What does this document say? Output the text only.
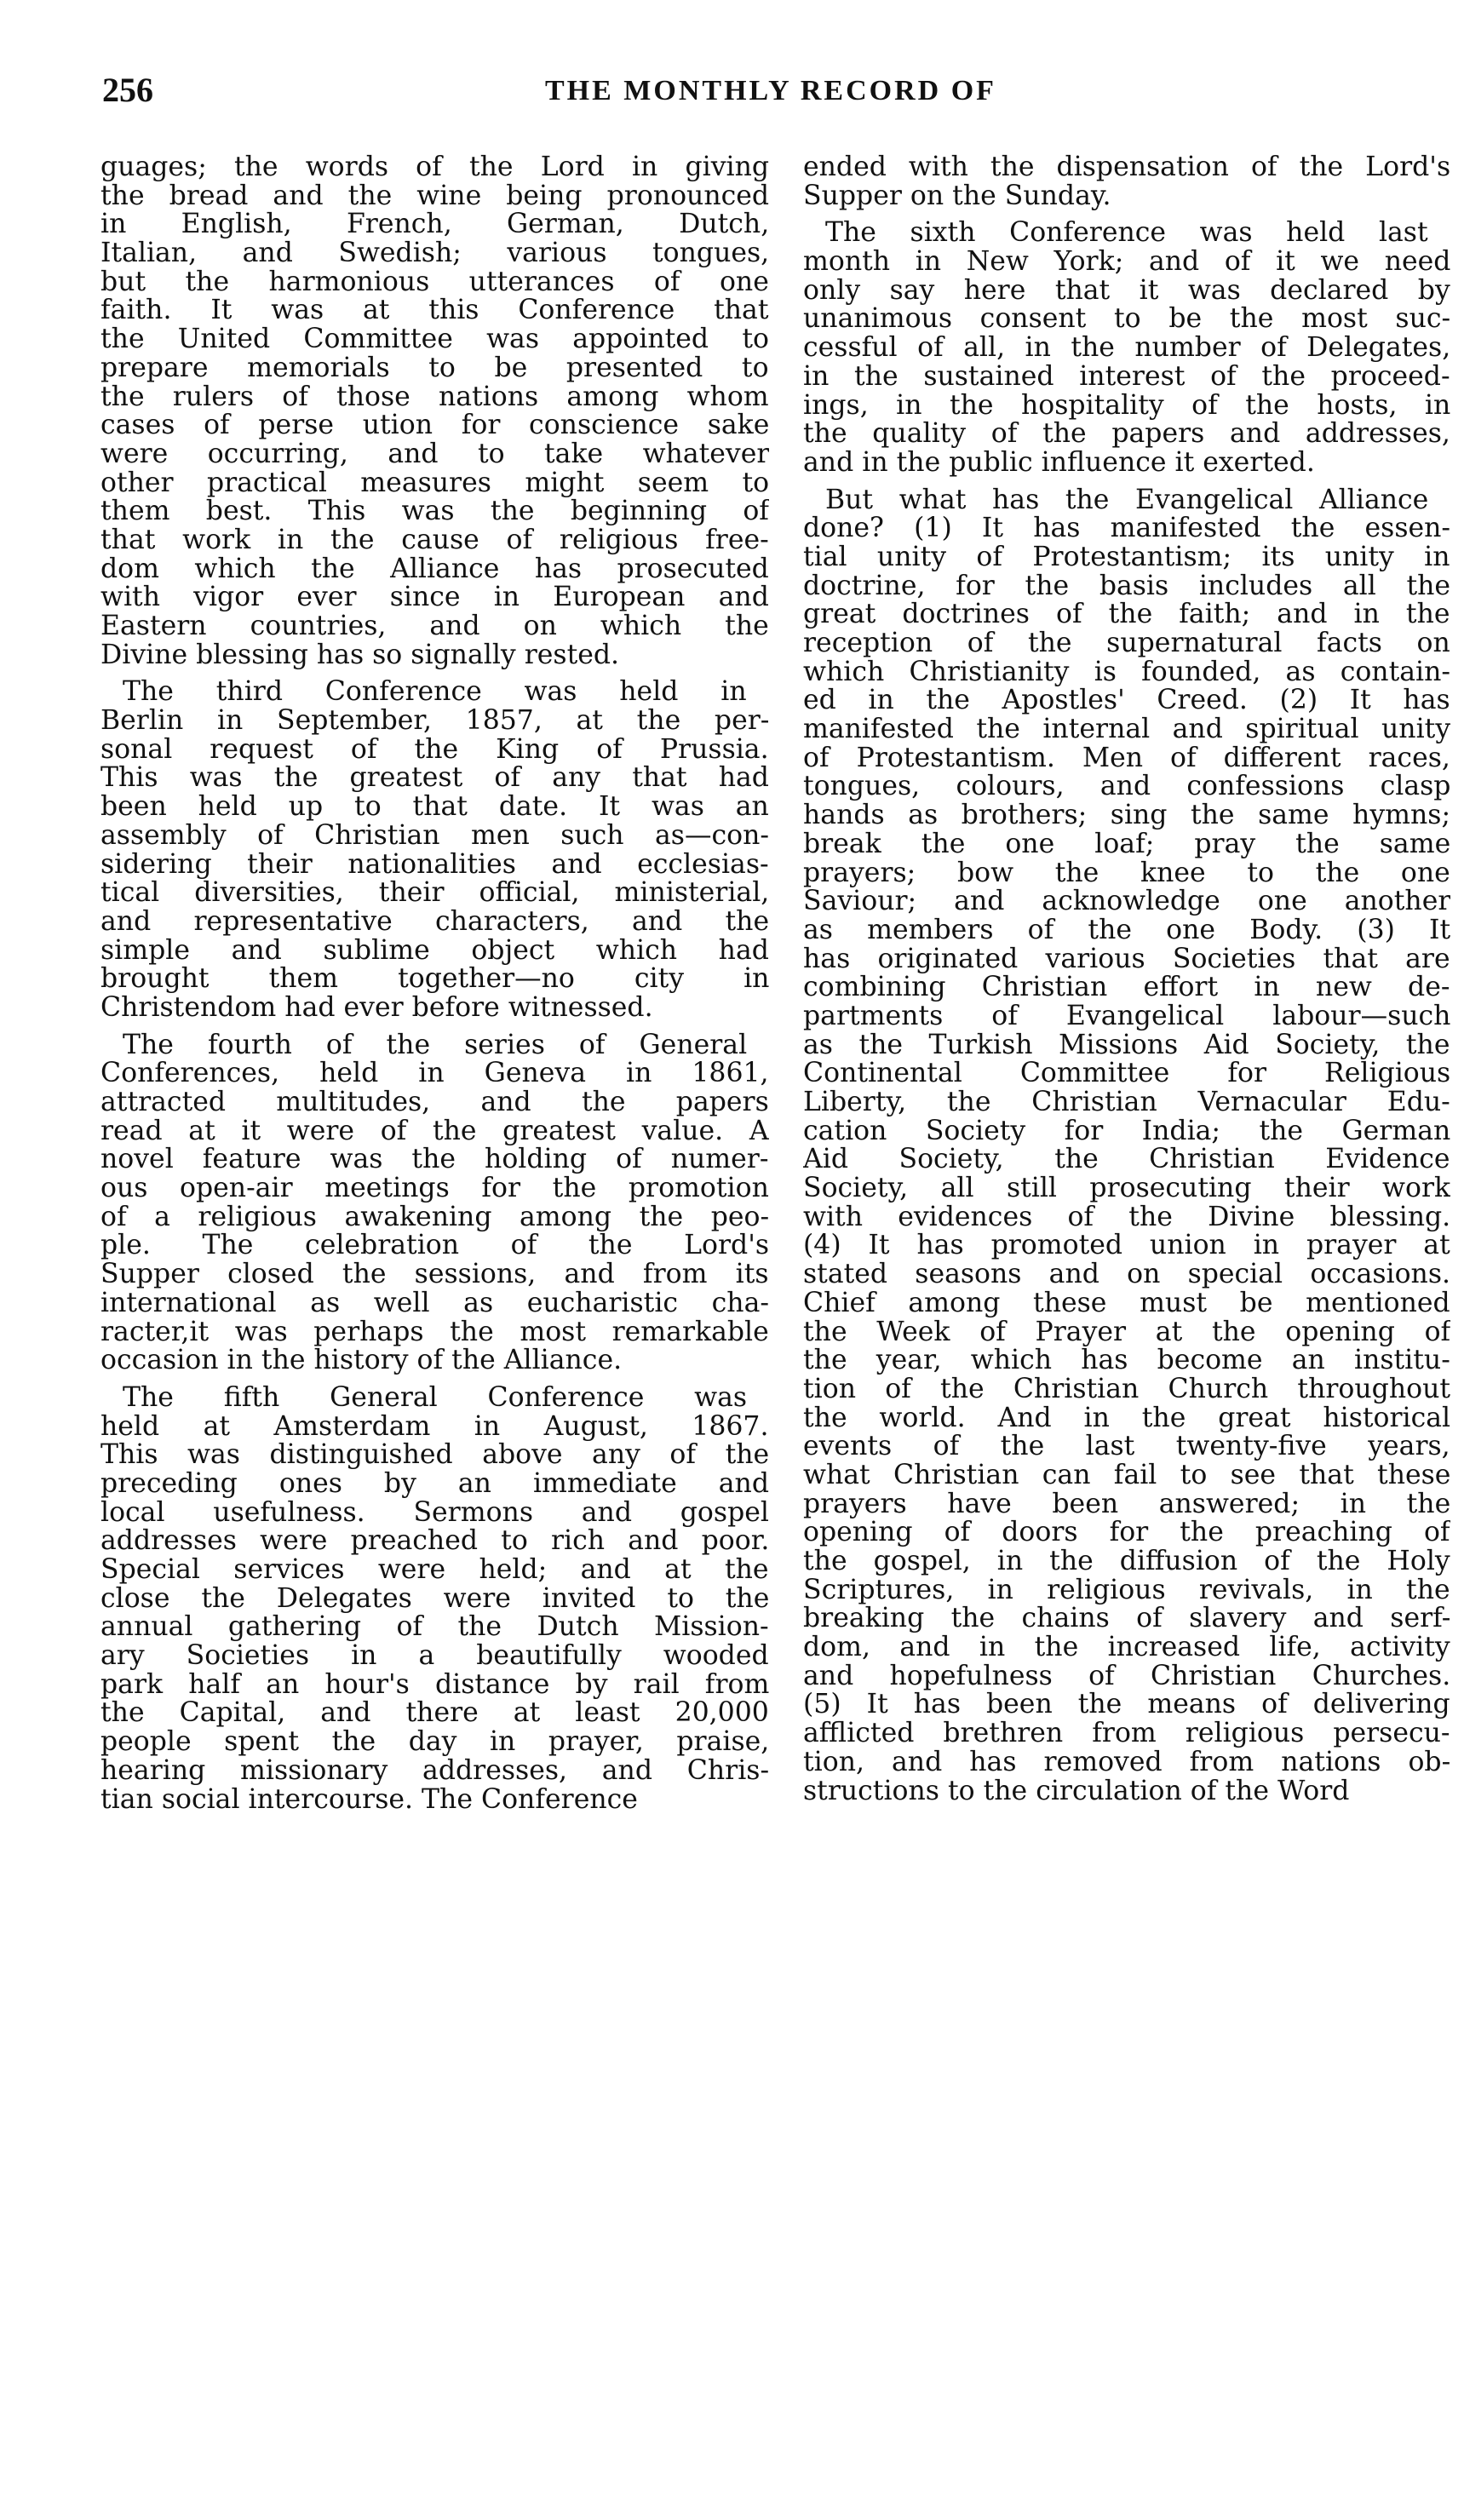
256	THE MONTHLY RECORD OF
guages; the words of the Lord in giving
the bread and the wine being pronounced
in English, French, German, Dutch,
Italian, and Swedish; various tongues,
but the harmonious utterances of one
faith. It was at this Conference that
the United Committee was appointed to
prepare memorials to be presented to
the rulers of those nations among whom
cases of perse ution for conscience sake
were occurring, and to take whatever
other practical measures might seem to
them best. This was the beginning of
that work in the cause of religious free-
dom which the Alliance has prosecuted
with vigor ever since in European and
Eastern countries, and on which the
Divine blessing has so signally rested.
The third Conference was held in
Berlin in September, 1857, at the per-
sonal request of the King of Prussia.
This was the greatest of any that had
been held up to that date. It was an
assembly of Christian men such as—con-
sidering their nationalities and ecclesias-
tical diversities, their official, ministerial,
and representative characters, and the
simple and sublime object which had
brought them together—no city in
Christendom had ever before witnessed.
The fourth of the series of General
Conferences, held in Geneva in 1861,
attracted multitudes, and the papers
read at it were of the greatest value. A
novel feature was the holding of numer-
ous open-air meetings for the promotion
of a religious awakening among the peo-
ple. The celebration of the Lord's
Supper closed the sessions, and from its
international as well as eucharistic cha-
racter,it was perhaps the most remarkable
occasion in the history of the Alliance.
The fifth General Conference was
held at Amsterdam in August, 1867.
This was distinguished above any of the
preceding ones by an immediate and
local usefulness. Sermons and gospel
addresses were preached to rich and poor.
Special services were held; and at the
close the Delegates were invited to the
annual gathering of the Dutch Mission-
ary Societies in a beautifully wooded
park half an hour's distance by rail from
the Capital, and there at least 20,000
people spent the day in prayer, praise,
hearing missionary addresses, and Chris-
tian social intercourse. The Conference
ended with the dispensation of the Lord's
Supper on the Sunday.
The sixth Conference was held last
month in New York; and of it we need
only say here that it was declared by
unanimous consent to be the most suc-
cessful of all, in the number of Delegates,
in the sustained interest of the proceed-
ings, in the hospitality of the hosts, in
the quality of the papers and addresses,
and in the public influence it exerted.
But what has the Evangelical Alliance
done? (1) It has manifested the essen-
tial unity of Protestantism; its unity in
doctrine, for the basis includes all the
great doctrines of the faith; and in the
reception of the supernatural facts on
which Christianity is founded, as contain-
ed in the Apostles' Creed. (2) It has
manifested the internal and spiritual unity
of Protestantism. Men of different races,
tongues, colours, and confessions clasp
hands as brothers; sing the same hymns;
break the one loaf; pray the same
prayers; bow the knee to the one
Saviour; and acknowledge one another
as members of the one Body. (3) It
has originated various Societies that are
combining Christian effort in new de-
partments of Evangelical labour—such
as the Turkish Missions Aid Society, the
Continental Committee for Religious
Liberty, the Christian Vernacular Edu-
cation Society for India; the German
Aid Society, the Christian Evidence
Society, all still prosecuting their work
with evidences of the Divine blessing.
(4) It has promoted union in prayer at
stated seasons and on special occasions.
Chief among these must be mentioned
the Week of Prayer at the opening of
the year, which has become an institu-
tion of the Christian Church throughout
the world. And in the great historical
events of the last twenty-five years,
what Christian can fail to see that these
prayers have been answered; in the
opening of doors for the preaching of
the gospel, in the diffusion of the Holy
Scriptures, in religious revivals, in the
breaking the chains of slavery and serf-
dom, and in the increased life, activity
and hopefulness of Christian Churches.
(5) It has been the means of delivering
afflicted brethren from religious persecu-
tion, and has removed from nations ob-
structions to the circulation of the Word
